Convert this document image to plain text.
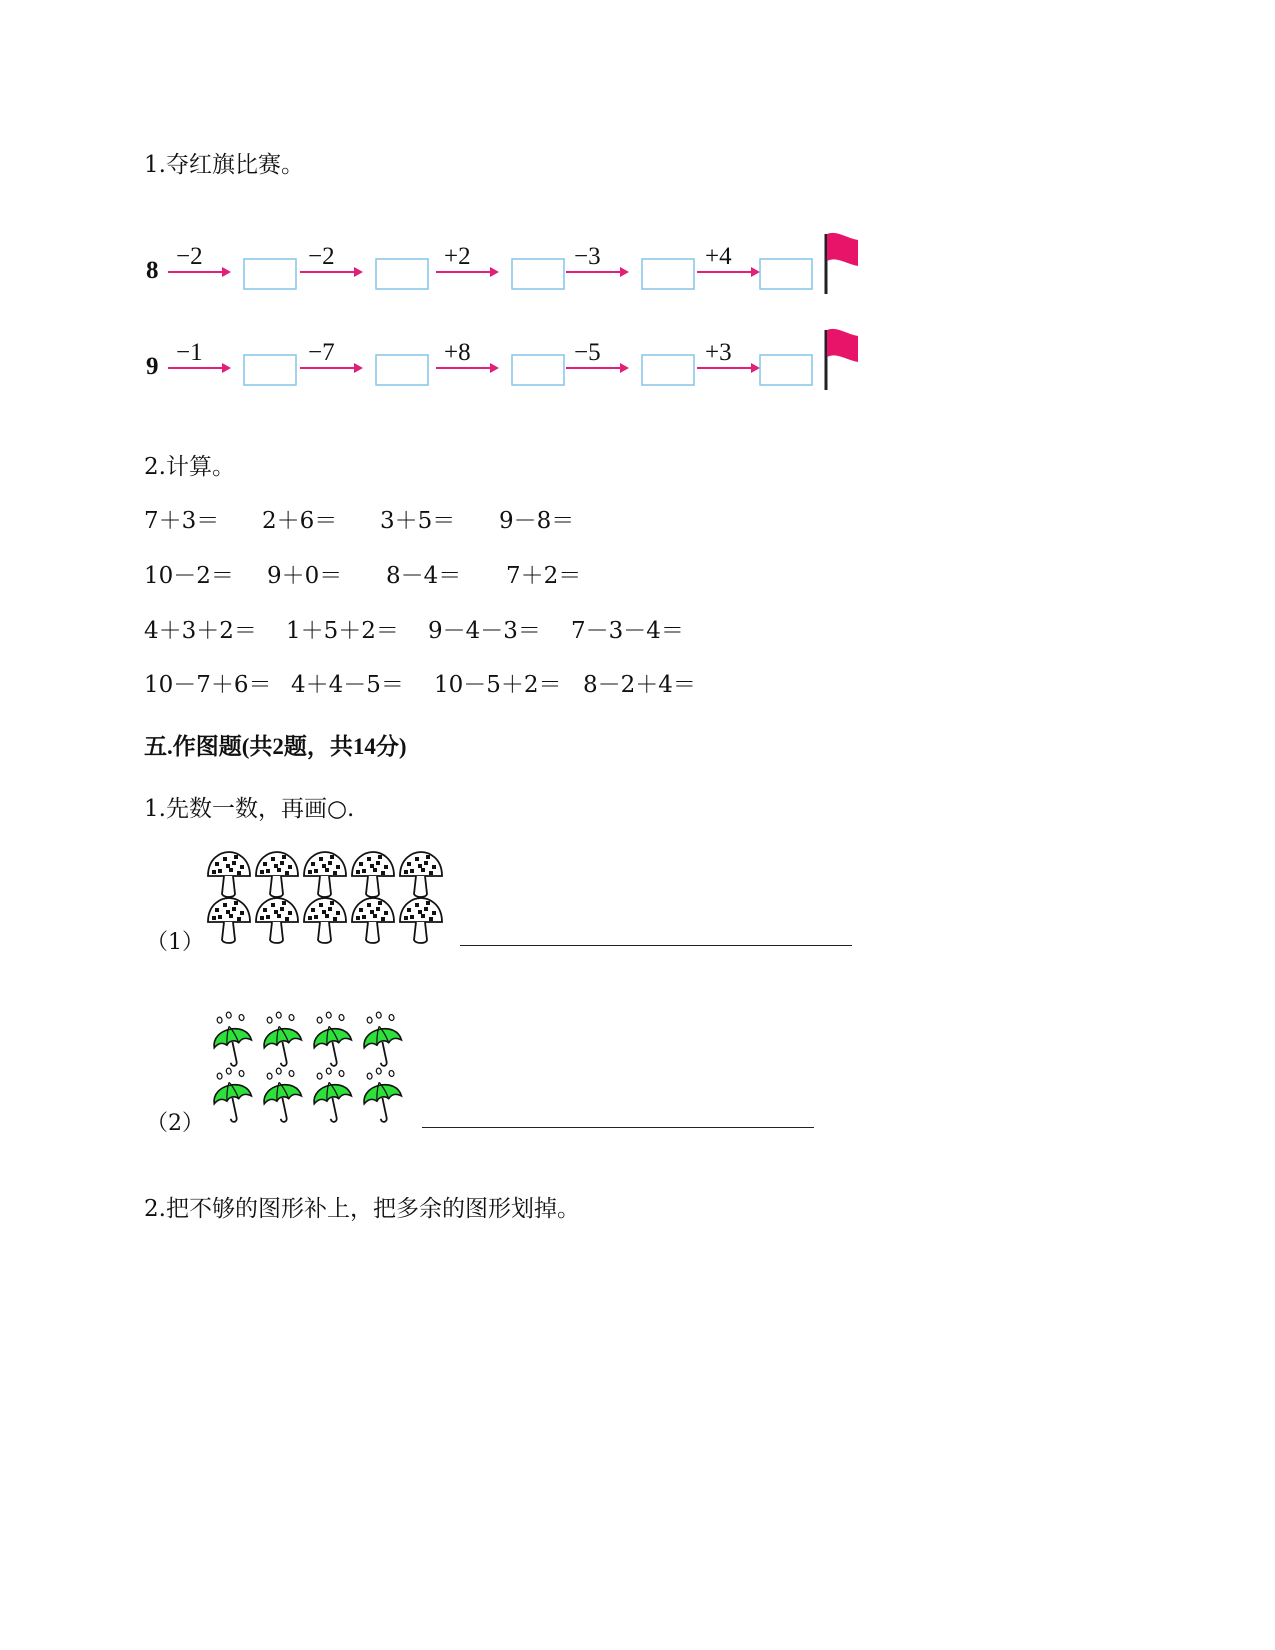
1.夺红旗比赛。
8
−2	−2	+2	−3	+4
9
−1	−7	+8	−5	+3
2.计算。
7＋3＝ 2＋6＝ 3＋5＝ 9－8＝
10－2＝ 9＋0＝ 8－4＝ 7＋2＝
4＋3＋2＝ 1＋5＋2＝ 9－4－3＝ 7－3－4＝
10－7＋6＝ 4＋4－5＝ 10－5＋2＝ 8－2＋4＝
五.作图题(共2题，共14分)
1.先数一数，再画○.
（1）
（2）
2.把不够的图形补上，把多余的图形划掉。
